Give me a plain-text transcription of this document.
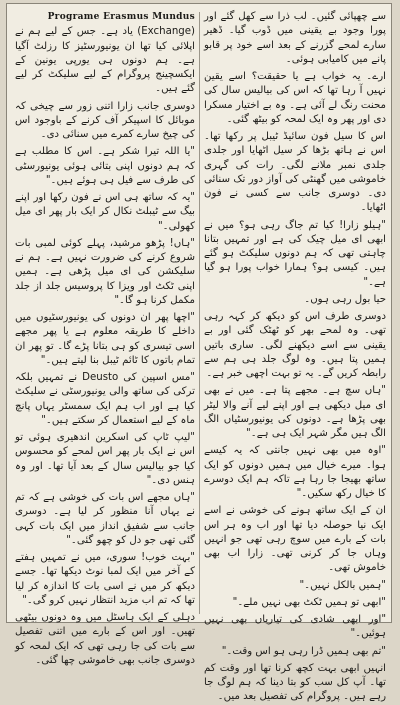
Programe Erasmus Mundus

(Exchange) یاد ہے۔ جس کے لیے ہم نے اپلائی کیا تھا ان یونیورسٹیز کا رزلٹ آگیا ہے۔ ہم دونوں ہی یورپی یونین کے ایکسچینج پروگرام کے لیے سلیکٹ کر لیے گئے ہیں۔

دوسری جانب زارا اتنی زور سے چیخی کہ موبائل کا اسپیکر آف کرنے کے باوجود اس کی چیخ سارے کمرے میں سنائی دی۔

"یا اللہ تیرا شکر ہے۔ اس کا مطلب ہے کہ ہم دونوں اپنی بتائی ہوئی یونیورسٹی کی طرف سے فیل ہی ہوئے ہیں۔"

"یہ کہ ساتھ ہی اس نے فون رکھا اور اپنے بیگ سے ٹیبلٹ نکال کر ایک بار پھر ای میل کھولی۔"

"ہاں! پڑھو مرشید، پہلے کوئی لمبی بات شروع کرنے کی ضرورت نہیں ہے۔ ہم نے سلیکشن کی ای میل پڑھی ہے۔ ہمیں اپنی ٹکٹ اور ویزا کا پروسیس جلد از جلد مکمل کرنا ہو گا۔"

"اچھا پھر ان دونوں کی یونیورسٹیوں میں داخلے کا طریقہ معلوم ہے یا پھر مجھے اسی تیسری کو ہی بتانا پڑے گا۔ تو پھر ان تمام باتوں کا ٹائم ٹیبل بنا لیتے ہیں۔"

"مس اسپین کی Deusto نے تمہیں بلکہ ترکی کی ساتھ والی یونیورسٹی نے سلیکٹ کیا ہے اور اب ہم ایک سمسٹر یہاں پانچ ماہ کے لیے استعمال کر سکتے ہیں۔"

"لیپ ٹاپ کی اسکرین اندھیری ہوئی تو اس نے ایک بار پھر اس لمحے کو محسوس کیا جو بیالیس سال کے بعد آیا تھا۔ اور وہ ہنس دی۔"

"ہاں مجھے اس بات کی خوشی ہے کہ تم نے یہاں آنا منظور کر لیا ہے۔ دوسری جانب سے شفیق انداز میں ایک بات کہی گئی تھی جو دل کو چھو گئی۔"

"بہت خوب! سوری، میں نے تمہیں ہفتے کے آخر میں ایک لمبا نوٹ دیکھا تھا۔ جسے دیکھ کر میں نے اسی بات کا اندازہ کر لیا تھا کہ تم اب مزید انتظار نہیں کرو گی۔"

دہلی کے ایک ہاسٹل میں وہ دونوں بیٹھی تھیں۔ اور اس کے بارے میں اتنی تفصیل سے بات کی جا رہی تھی کہ ایک لمحہ کو دوسری جانب بھی خاموشی چھا گئی۔

سے چھپائی گئیں۔ لب ذرا سے کھل گئے اور پورا وجود بے یقینی میں ڈوب گیا۔ ڈھیر سارے لمحے گزرنے کے بعد اسے خود پر قابو پانے میں کامیابی ہوئی۔

ارے۔ یہ خواب ہے یا حقیقت؟ اسے یقین نہیں آ رہا تھا کہ اس کی بیالیس سال کی محنت رنگ لے آئی ہے۔ وہ بے اختیار مسکرا دی اور پھر وہ ایک لمحہ کو بیٹھ گئی۔

اس کا سیل فون سائیڈ ٹیبل پر رکھا تھا۔ اس نے ہاتھ بڑھا کر سیل اٹھایا اور جلدی جلدی نمبر ملانے لگی۔ رات کی گہری خاموشی میں گھنٹی کی آواز دور تک سنائی دی۔ دوسری جانب سے کسی نے فون اٹھایا۔

"ہیلو زارا! کیا تم جاگ رہی ہو؟ میں نے ابھی ای میل چیک کی ہے اور تمہیں بتانا چاہتی تھی کہ ہم دونوں سلیکٹ ہو گئے ہیں۔ کیسی ہو؟ ہمارا خواب پورا ہو گیا ہے۔"

حیا بول رہی ہوں۔

دوسری طرف اس کو دیکھ کر کہہ رہی تھی۔ وہ لمحے بھر کو ٹھٹک گئی اور بے یقینی سے اسے دیکھنے لگی۔ ساری باتیں ہمیں پتا ہیں۔ وہ لوگ جلد ہی ہم سے رابطہ کریں گے۔ یہ تو بہت اچھی خبر ہے۔

"ہاں سچ ہے۔ مجھے پتا ہے۔ میں نے بھی ای میل دیکھی ہے اور اپنے لیے آنے والا لیٹر بھی پڑھا ہے۔ دونوں کی یونیورسٹیاں الگ الگ ہیں مگر شہر ایک ہی ہے۔"

"اوہ میں بھی نہیں جانتی کہ یہ کیسے ہوا۔ میرے خیال میں ہمیں دونوں کو ایک ساتھ بھیجا جا رہا ہے تاکہ ہم ایک دوسرے کا خیال رکھ سکیں۔"

ان کے ایک ساتھ ہونے کی خوشی نے اسے ایک نیا حوصلہ دیا تھا اور اب وہ ہر اس بات کے بارے میں سوچ رہی تھی جو انہیں وہاں جا کر کرنی تھی۔ زارا اب بھی خاموش تھی۔

"ہمیں بالکل نہیں۔"

"ابھی تو ہمیں ٹکٹ بھی نہیں ملے۔"

"اور ابھی شادی کی تیاریاں بھی نہیں ہوئیں۔"

"تم بھی ہمیں ڈرا رہی ہو اس وقت۔"

انہیں ابھی بہت کچھ کرنا تھا اور وقت کم تھا۔ آپ کل سب کو بتا دینا کہ ہم لوگ جا رہے ہیں۔ پروگرام کی تفصیل بعد میں۔
